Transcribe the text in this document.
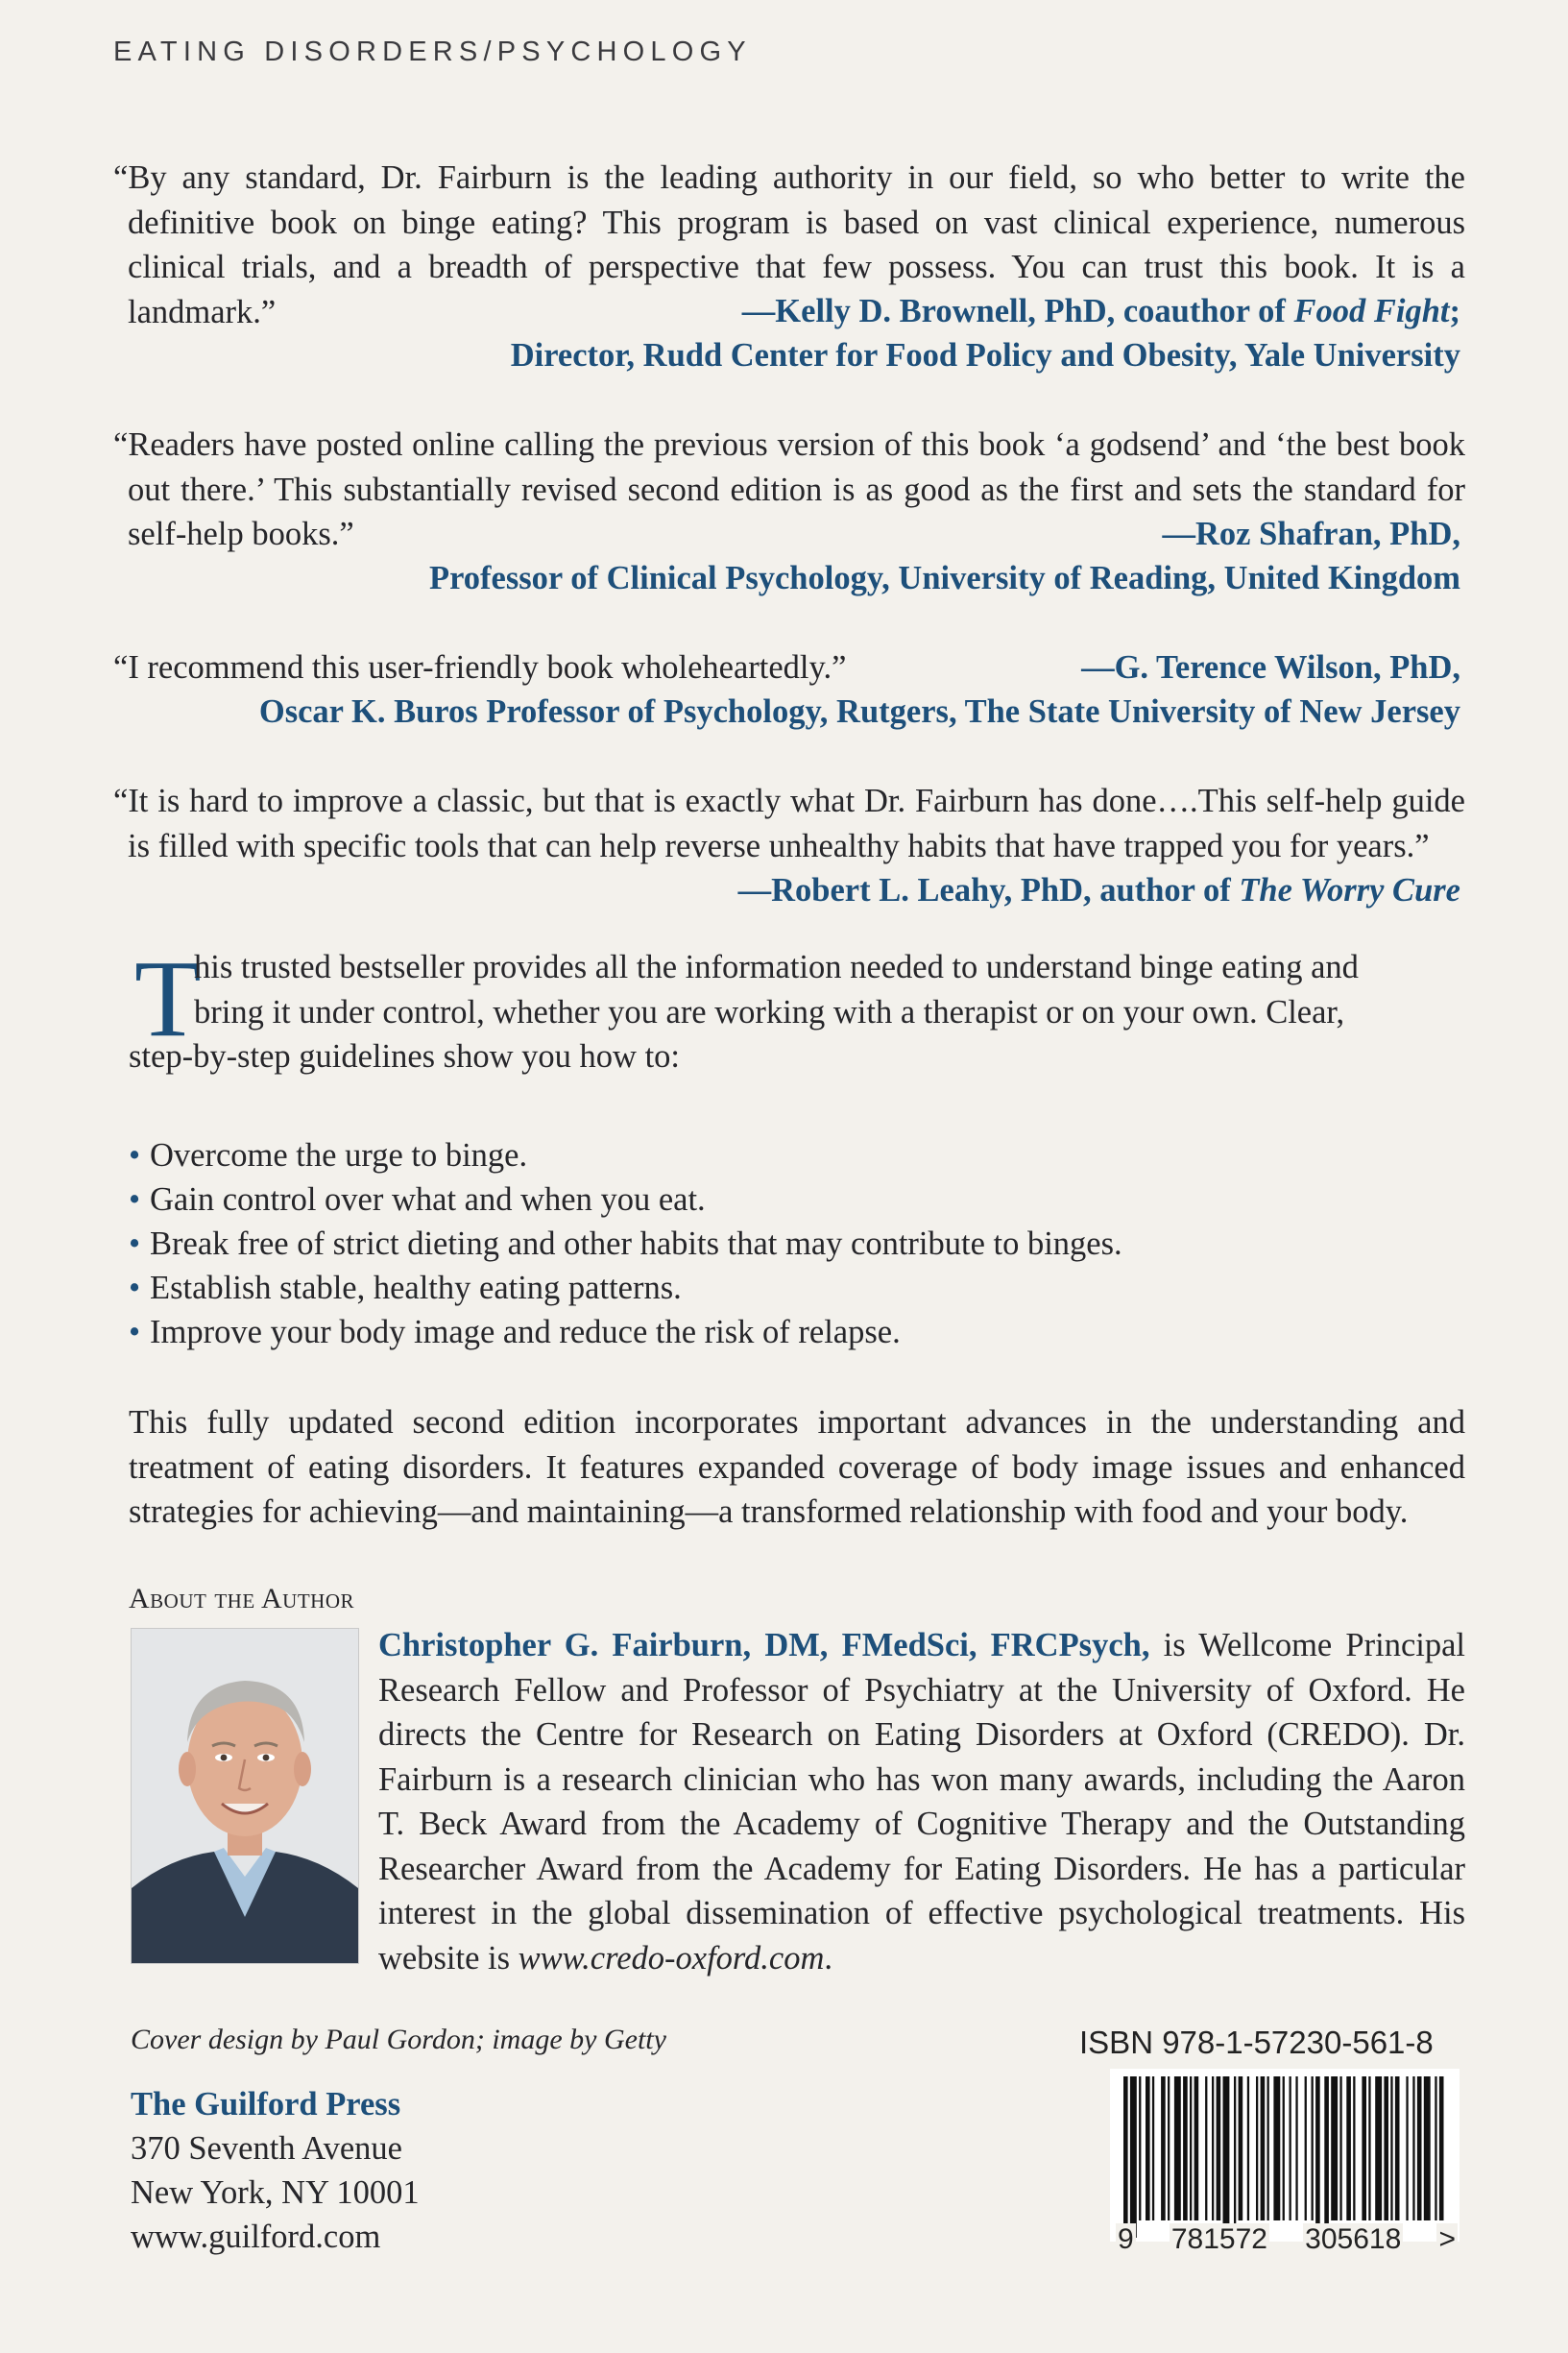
EATING DISORDERS/PSYCHOLOGY
“By any standard, Dr. Fairburn is the leading authority in our field, so who better to write the definitive book on binge eating? This program is based on vast clinical experience, numerous clinical trials, and a breadth of perspective that few possess. You can trust this book. It is a landmark.”	—Kelly D. Brownell, PhD, coauthor of Food Fight;
Director, Rudd Center for Food Policy and Obesity, Yale University
“Readers have posted online calling the previous version of this book ‘a godsend’ and ‘the best book out there.’ This substantially revised second edition is as good as the first and sets the standard for self-help books.”	—Roz Shafran, PhD,
Professor of Clinical Psychology, University of Reading, United Kingdom
“I recommend this user-friendly book wholeheartedly.”	—G. Terence Wilson, PhD,
Oscar K. Buros Professor of Psychology, Rutgers, The State University of New Jersey
“It is hard to improve a classic, but that is exactly what Dr. Fairburn has done….This self-help guide is filled with specific tools that can help reverse unhealthy habits that have trapped you for years.”
—Robert L. Leahy, PhD, author of The Worry Cure
T
his trusted bestseller provides all the information needed to understand binge eating and
bring it under control, whether you are working with a therapist or on your own. Clear,
step-by-step guidelines show you how to:
• Overcome the urge to binge.
• Gain control over what and when you eat.
• Break free of strict dieting and other habits that may contribute to binges.
• Establish stable, healthy eating patterns.
• Improve your body image and reduce the risk of relapse.
This fully updated second edition incorporates important advances in the understanding and treatment of eating disorders. It features expanded coverage of body image issues and enhanced strategies for achieving—and maintaining—a transformed relationship with food and your body.
About the Author
Christopher G. Fairburn, DM, FMedSci, FRCPsych, is Wellcome Principal Research Fellow and Professor of Psychiatry at the University of Oxford. He directs the Centre for Research on Eating Disorders at Oxford (CREDO). Dr. Fairburn is a research clinician who has won many awards, including the Aaron T. Beck Award from the Academy of Cognitive Therapy and the Outstanding Researcher Award from the Academy for Eating Disorders. He has a particular interest in the global dissemination of effective psychological treatments. His website is www.credo-oxford.com.
Cover design by Paul Gordon; image by Getty
The Guilford Press
370 Seventh Avenue
New York, NY 10001
www.guilford.com
ISBN 978-1-57230-561-8
9 781572 305618 >
